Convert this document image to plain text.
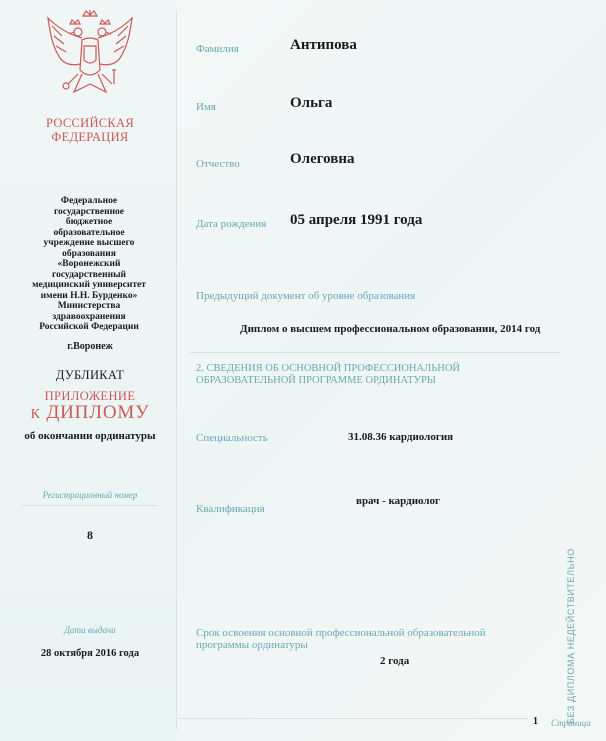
РОССИЙСКАЯ
ФЕДЕРАЦИЯ
Федеральное
государственное
бюджетное
образовательное
учреждение высшего
образования
«Воронежский
государственный
медицинский университет
имени Н.Н. Бурденко»
Министерства
здравоохранения
Российской Федерации
г.Воронеж
ДУБЛИКАТ
ПРИЛОЖЕНИЕ
К ДИПЛОМУ
об окончании ординатуры
Регистрационный номер
8
Дата выдачи
28 октября 2016 года
Фамилия	Антипова
Имя	Ольга
Отчество	Олеговна
Дата рождения 05 апреля 1991 года
Предыдущий документ об уровне образования
Диплом о высшем профессиональном образовании, 2014 год
2. СВЕДЕНИЯ ОБ ОСНОВНОЙ ПРОФЕССИОНАЛЬНОЙ
ОБРАЗОВАТЕЛЬНОЙ ПРОГРАММЕ ОРДИНАТУРЫ
Специальность	31.08.36 кардиология
Квалификация
врач - кардиолог
Срок освоения основной профессиональной образовательной
программы ординатуры
2 года
1 Страница
БЕЗ ДИПЛОМА НЕДЕЙСТВИТЕЛЬНО
